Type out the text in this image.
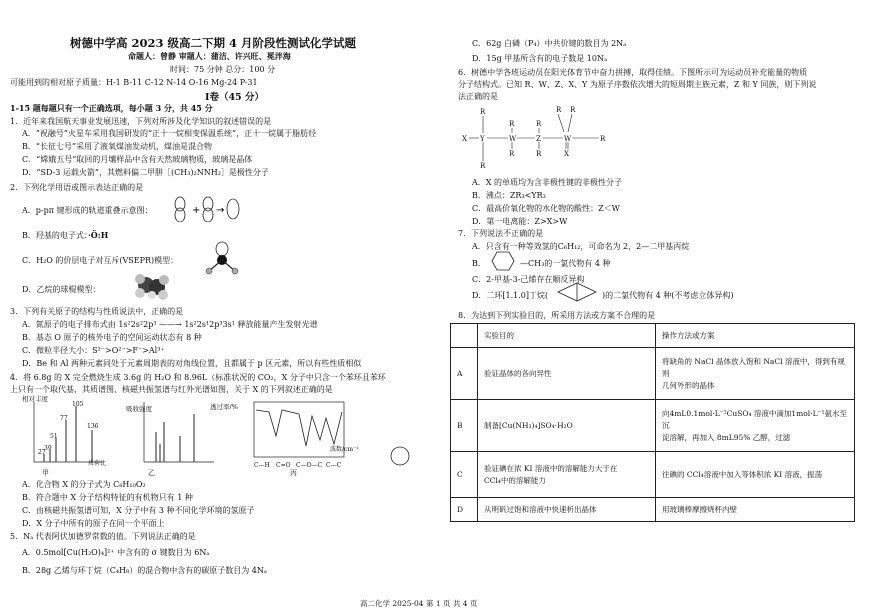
树德中学高 2023 级高二下期 4 月阶段性测试化学试题
命题人：曾静 审题人：蒲洁、许兴旺、冕泮海
时间：75 分钟 总分：100 分
可能用到的相对原子质量：H-1 B-11 C-12 N-14 O-16 Mg-24 P-31
Ⅰ卷（45 分）
1-15 题每题只有一个正确选项，每小题 3 分，共 45 分
1．近年来我国航天事业发展迅速，下列对所涉及化学知识的叙述错误的是
A．“祝融号”火星车采用我国研发的“正十一烷相变保温系统”，正十一烷属于脂肪烃
B．“长征七号”采用了液氧煤油发动机，煤油是混合物
C．“嫦娥五号”取回的月壤样品中含有天然玻璃物质，玻璃是晶体
D．“SD-3 运载火箭”，其燃料偏二甲肼［(CH₃)₂NNH₂］是极性分子
2．下列化学用语或图示表达正确的是
A．p-pπ 键形成的轨道重叠示意图：	+ →
B．羟基的电子式：
·Ö:H
C．H₂O 的价层电子对互斥(VSEPR)模型：
D．乙烷的球棍模型：
3．下列有关原子的结构与性质说法中，正确的是
A．氮原子的电子排布式由 1s²2s²2p³ ——→ 1s²2s¹2p³3s¹ 释放能量产生发射光谱
B．基态 O 原子的核外电子的空间运动状态有 8 种
C．微粒半径大小：S²⁻>O²⁻>F⁻>Al³⁺
D．Be 和 Al 两种元素同处于元素周期表的对角线位置，且都属于 p 区元素，所以有些性质相似
4．将 6.8g 的 X 完全燃烧生成 3.6g 的 H₂O 和 8.96L（标准状况的 CO₂，X 分子中只含一个苯环且苯环
上只有一个取代基，其质谱图、核磁共振氢谱与红外光谱如图，关于 X 的下列叙述正确的是
相对丰度
105
136
77
51
39
27
质荷比
吸收强度	透过率/%
C—H C=O C—O—C C—C
波数/cm⁻¹
甲	乙	丙
A．化合物 X 的分子式为 C₈H₁₀O₂
B．符合题中 X 分子结构特征的有机物只有 1 种
C．由核磁共振氢谱可知，X 分子中有 3 种不同化学环境的氢原子
D．X 分子中所有的原子在同一个平面上
5．Nₐ 代表阿伏加德罗常数的值。下列说法正确的是
A．0.5mol[Cu(H₂O)₄]²⁺ 中含有的 σ 键数目为 6Nₐ
B．28g 乙烯与环丁烷（C₄H₈）的混合物中含有的碳原子数目为 4Nₐ
C．62g 白磷（P₄）中共价键的数目为 2Nₐ
D．15g 甲基所含有的电子数是 10Nₐ
6．树德中学各班运动员在阳光体育节中奋力拼搏，取得佳绩。下图所示可为运动员补充能量的物质
分子结构式。已知 R、W、Z、X、Y 为原子序数依次增大的短周期主族元素，Z 和 Y 同族，则下列说
法正确的是
X Y
R
R
W
R
R
Z
R
R
W
X
R
R R
A．X 的单质均为含非极性键的非极性分子
B．沸点：ZR₃<YR₃
C．最高价氧化物的水化物的酸性：Z＜W
D．第一电离能：Z>X>W
7．下列说法不正确的是
A．只含有一种等效氢的C₆H₁₂，可命名为 2，2—二甲基丙烷
B．	—CH₃的一氯代物有 4 种
C．2-甲基-3-己烯存在顺反异构
D．二环[1.1.0]丁烷(	)的二氯代物有 4 种(不考虑立体异构)
8．为达到下列实验目的，所采用方法或方案不合理的是
	实验目的	操作方法或方案
A	验证晶体的各向异性	将缺角的 NaCl 晶体放入饱和 NaCl 溶液中，得到有规则
几何外形的晶体

B	制备[Cu(NH₃)₄]SO₄·H₂O	向4mL0.1mol·L⁻¹CuSO₄ 溶液中滴加1mol·L⁻¹氨水至沉
淀溶解，再加入 8mL95% 乙醇，过滤

C	验证碘在浓 KI 溶液中的溶解能力大于在
CCl₄中的溶解能力	往碘的 CCl₄溶液中加入等体积浓 KI 溶液，振荡
D	从明矾过饱和溶液中快速析出晶体	用玻璃棒摩擦烧杯内壁
高二化学 2025-04 第 1 页 共 4 页
